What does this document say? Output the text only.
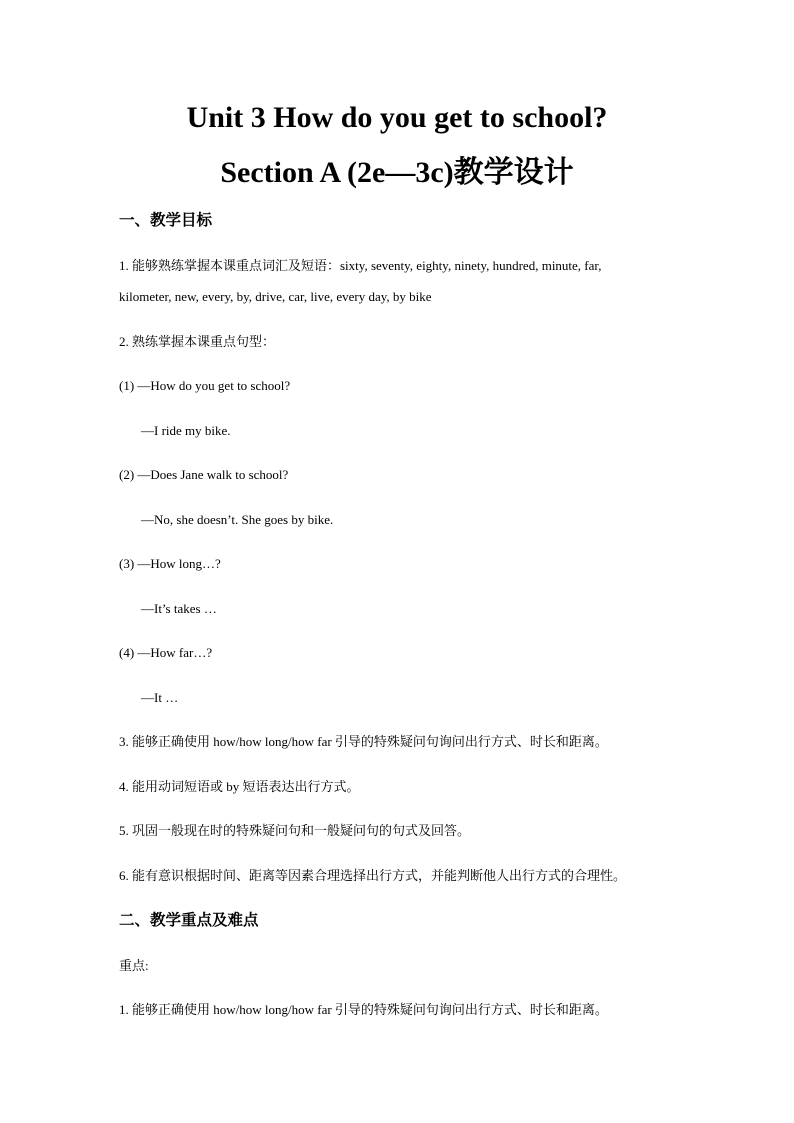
Unit 3 How do you get to school?
Section A (2e—3c)教学设计
一、教学目标
1. 能够熟练掌握本课重点词汇及短语：sixty, seventy, eighty, ninety, hundred, minute, far,
kilometer, new, every, by, drive, car, live, every day, by bike
2. 熟练掌握本课重点句型：
(1) —How do you get to school?
—I ride my bike.
(2) —Does Jane walk to school?
—No, she doesn’t. She goes by bike.
(3) —How long…?
—It’s takes …
(4) —How far…?
—It …
3. 能够正确使用 how/how long/how far 引导的特殊疑问句询问出行方式、时长和距离。
4. 能用动词短语或 by 短语表达出行方式。
5. 巩固一般现在时的特殊疑问句和一般疑问句的句式及回答。
6. 能有意识根据时间、距离等因素合理选择出行方式，并能判断他人出行方式的合理性。
二、教学重点及难点
重点:
1. 能够正确使用 how/how long/how far 引导的特殊疑问句询问出行方式、时长和距离。
